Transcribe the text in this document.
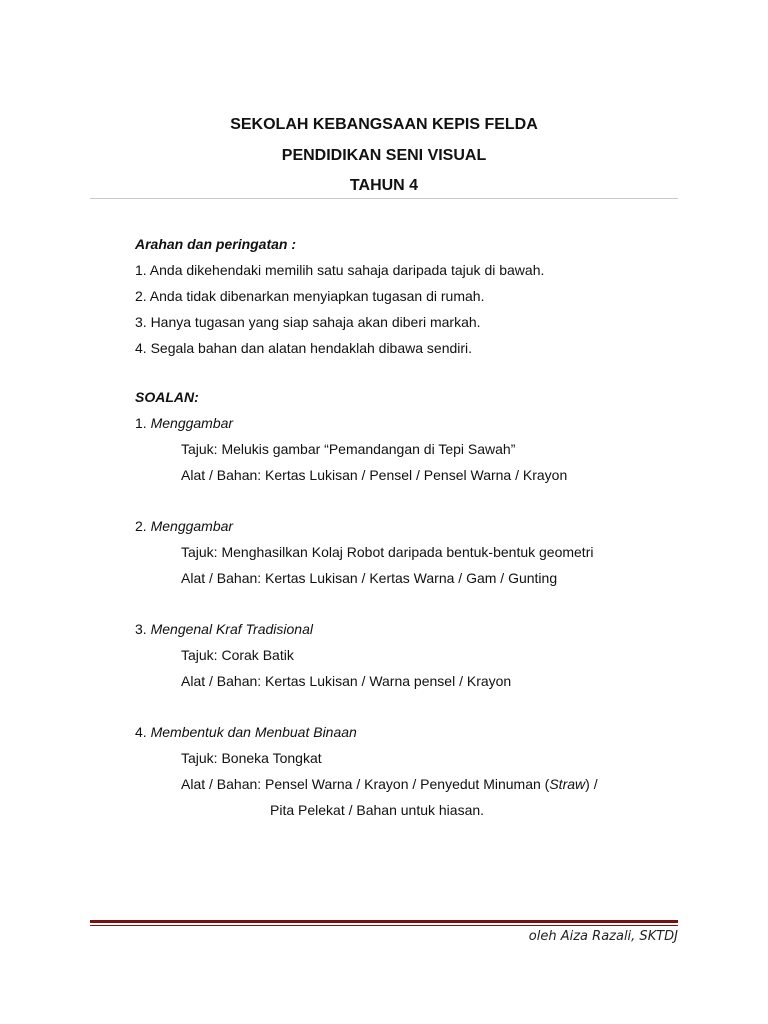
SEKOLAH KEBANGSAAN KEPIS FELDA
PENDIDIKAN SENI VISUAL
TAHUN 4
Arahan dan peringatan :
1. Anda dikehendaki memilih satu sahaja daripada tajuk di bawah.
2. Anda tidak dibenarkan menyiapkan tugasan di rumah.
3. Hanya tugasan yang siap sahaja akan diberi markah.
4. Segala bahan dan alatan hendaklah dibawa sendiri.
SOALAN:
1. Menggambar
Tajuk: Melukis gambar “Pemandangan di Tepi Sawah”
Alat / Bahan: Kertas Lukisan / Pensel / Pensel Warna / Krayon
2. Menggambar
Tajuk: Menghasilkan Kolaj Robot daripada bentuk-bentuk geometri
Alat / Bahan: Kertas Lukisan / Kertas Warna / Gam / Gunting
3. Mengenal Kraf Tradisional
Tajuk: Corak Batik
Alat / Bahan: Kertas Lukisan / Warna pensel / Krayon
4. Membentuk dan Menbuat Binaan
Tajuk: Boneka Tongkat
Alat / Bahan: Pensel Warna / Krayon / Penyedut Minuman (Straw) /
Pita Pelekat / Bahan untuk hiasan.
oleh Aiza Razali, SKTDJ
